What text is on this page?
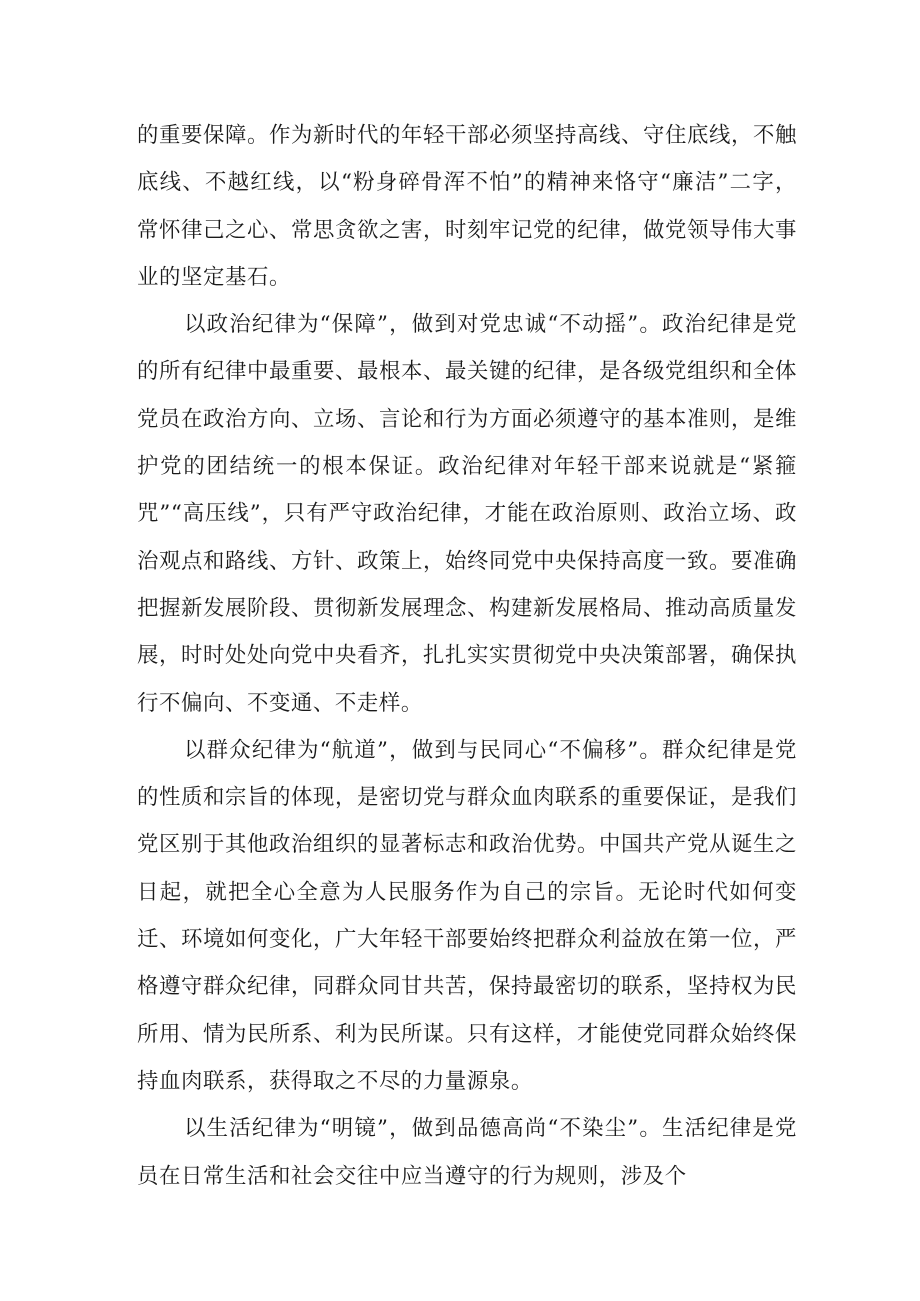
的重要保障。作为新时代的年轻干部必须坚持高线、守住底线，不触底线、不越红线，以“粉身碎骨浑不怕”的精神来恪守“廉洁”二字，常怀律己之心、常思贪欲之害，时刻牢记党的纪律，做党领导伟大事业的坚定基石。

以政治纪律为“保障”，做到对党忠诚“不动摇”。政治纪律是党的所有纪律中最重要、最根本、最关键的纪律，是各级党组织和全体党员在政治方向、立场、言论和行为方面必须遵守的基本准则，是维护党的团结统一的根本保证。政治纪律对年轻干部来说就是“紧箍咒”“高压线”，只有严守政治纪律，才能在政治原则、政治立场、政治观点和路线、方针、政策上，始终同党中央保持高度一致。要准确把握新发展阶段、贯彻新发展理念、构建新发展格局、推动高质量发展，时时处处向党中央看齐，扎扎实实贯彻党中央决策部署，确保执行不偏向、不变通、不走样。

以群众纪律为“航道”，做到与民同心“不偏移”。群众纪律是党的性质和宗旨的体现，是密切党与群众血肉联系的重要保证，是我们党区别于其他政治组织的显著标志和政治优势。中国共产党从诞生之日起，就把全心全意为人民服务作为自己的宗旨。无论时代如何变迁、环境如何变化，广大年轻干部要始终把群众利益放在第一位，严格遵守群众纪律，同群众同甘共苦，保持最密切的联系，坚持权为民所用、情为民所系、利为民所谋。只有这样，才能使党同群众始终保持血肉联系，获得取之不尽的力量源泉。

以生活纪律为“明镜”，做到品德高尚“不染尘”。生活纪律是党员在日常生活和社会交往中应当遵守的行为规则，涉及个
